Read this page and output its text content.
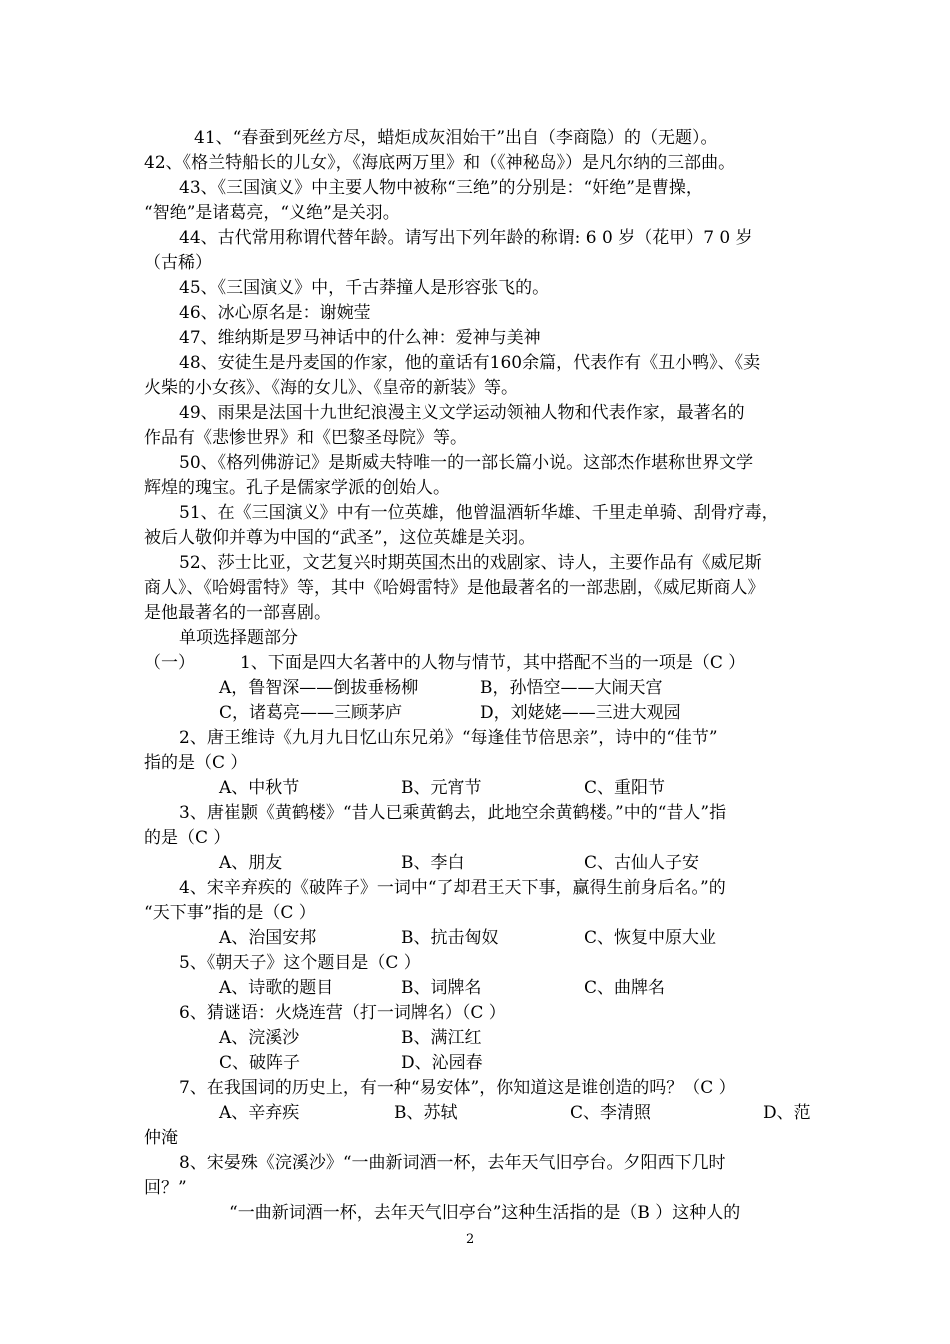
41、“春蚕到死丝方尽，蜡炬成灰泪始干”出自（李商隐）的（无题）。
42、《格兰特船长的儿女》，《海底两万里》和（《神秘岛》）是凡尔纳的三部曲。
43、《三国演义》中主要人物中被称“三绝”的分别是：“奸绝”是曹操，
“智绝”是诸葛亮，“义绝”是关羽。
44、古代常用称谓代替年龄。请写出下列年龄的称谓: 6 0 岁（花甲）7 0 岁
（古稀）
45、《三国演义》中，千古莽撞人是形容张飞的。
46、冰心原名是：谢婉莹
47、维纳斯是罗马神话中的什么神：爱神与美神
48、安徒生是丹麦国的作家，他的童话有160余篇，代表作有《丑小鸭》、《卖
火柴的小女孩》、《海的女儿》、《皇帝的新装》等。
49、雨果是法国十九世纪浪漫主义文学运动领袖人物和代表作家，最著名的
作品有《悲惨世界》和《巴黎圣母院》等。
50、《格列佛游记》是斯威夫特唯一的一部长篇小说。这部杰作堪称世界文学
辉煌的瑰宝。孔子是儒家学派的创始人。
51、在《三国演义》中有一位英雄，他曾温酒斩华雄、千里走单骑、刮骨疗毒，
被后人敬仰并尊为中国的“武圣”，这位英雄是关羽。
52、莎士比亚，文艺复兴时期英国杰出的戏剧家、诗人，主要作品有《威尼斯
商人》、《哈姆雷特》等，其中《哈姆雷特》是他最著名的一部悲剧，《威尼斯商人》
是他最著名的一部喜剧。
单项选择题部分
（一）	1、下面是四大名著中的人物与情节，其中搭配不当的一项是（C ）
A，鲁智深——倒拔垂杨柳	B，孙悟空——大闹天宫
C，诸葛亮——三顾茅庐	D，刘姥姥——三进大观园
2、唐王维诗《九月九日忆山东兄弟》“每逢佳节倍思亲”，诗中的“佳节”
指的是（C ）
A、中秋节	B、元宵节	C、重阳节
3、唐崔颢《黄鹤楼》“昔人已乘黄鹤去，此地空余黄鹤楼。”中的“昔人”指
的是（C ）
A、朋友	B、李白	C、古仙人子安
4、宋辛弃疾的《破阵子》一词中“了却君王天下事，赢得生前身后名。”的
“天下事”指的是（C ）
A、治国安邦	B、抗击匈奴	C、恢复中原大业
5、《朝天子》这个题目是（C ）
A、诗歌的题目	B、词牌名	C、曲牌名
6、猜谜语：火烧连营（打一词牌名）（C ）
A、浣溪沙	B、满江红
C、破阵子	D、沁园春
7、在我国词的历史上，有一种“易安体”，你知道这是谁创造的吗？（C ）
A、辛弃疾	B、苏轼	C、李清照	D、范
仲淹
8、宋晏殊《浣溪沙》“一曲新词酒一杯，去年天气旧亭台。夕阳西下几时
回？”
“一曲新词酒一杯，去年天气旧亭台”这种生活指的是（B ）这种人的
2
